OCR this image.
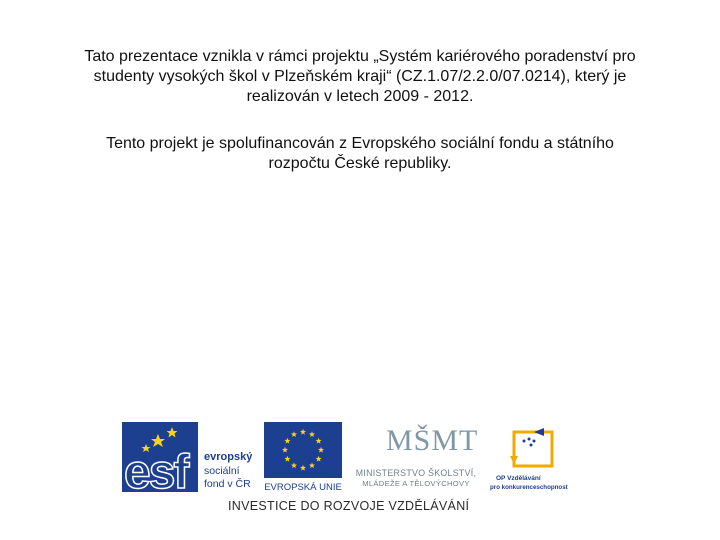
Tato prezentace vznikla v rámci projektu „Systém kariérového poradenství pro
studenty vysokých škol v Plzeňském kraji“ (CZ.1.07/2.2.0/07.0214), který je
realizován v letech 2009 - 2012.

Tento projekt je spolufinancován z Evropského sociální fondu a státního
rozpočtu České republiky.

esf evropský
sociální
fond v ČR EVROPSKÁ UNIE
MŠMT
MINISTERSTVO ŠKOLSTVÍ,
MLÁDEŽE A TĚLOVÝCHOVY
OP Vzdělávání
pro konkurenceschopnost
INVESTICE DO ROZVOJE VZDĚLÁVÁNÍ
